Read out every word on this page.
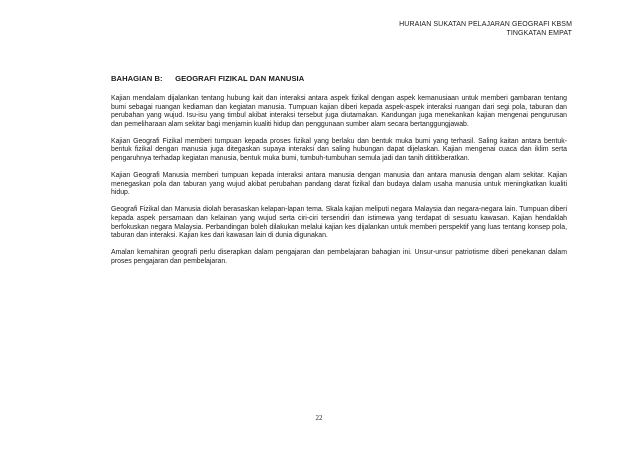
HURAIAN SUKATAN PELAJARAN GEOGRAFI KBSM
TINGKATAN EMPAT
BAHAGIAN B: GEOGRAFI FIZIKAL DAN MANUSIA

Kajian mendalam dijalankan tentang hubung kait dan interaksi antara aspek fizikal dengan aspek kemanusiaan untuk memberi gambaran tentang bumi sebagai ruangan kediaman dan kegiatan manusia. Tumpuan kajian diberi kepada aspek-aspek interaksi ruangan dari segi pola, taburan dan perubahan yang wujud. Isu-isu yang timbul akibat interaksi tersebut juga diutamakan. Kandungan juga menekankan kajian mengenai pengurusan dan pemeliharaan alam sekitar bagi menjamin kualiti hidup dan penggunaan sumber alam secara bertanggungjawab.

Kajian Geografi Fizikal memberi tumpuan kepada proses fizikal yang berlaku dan bentuk muka bumi yang terhasil. Saling kaitan antara bentuk-bentuk fizikal dengan manusia juga ditegaskan supaya interaksi dan saling hubungan dapat dijelaskan. Kajian mengenai cuaca dan iklim serta pengaruhnya terhadap kegiatan manusia, bentuk muka bumi, tumbuh-tumbuhan semula jadi dan tanih dititikberatkan.

Kajian Geografi Manusia memberi tumpuan kepada interaksi antara manusia dengan manusia dan antara manusia dengan alam sekitar. Kajian menegaskan pola dan taburan yang wujud akibat perubahan pandang darat fizikal dan budaya dalam usaha manusia untuk meningkatkan kualiti hidup.

Geografi Fizikal dan Manusia diolah berasaskan kelapan-lapan tema. Skala kajian meliputi negara Malaysia dan negara-negara lain. Tumpuan diberi kepada aspek persamaan dan kelainan yang wujud serta ciri-ciri tersendiri dan istimewa yang terdapat di sesuatu kawasan. Kajian hendaklah berfokuskan negara Malaysia. Perbandingan boleh dilakukan melalui kajian kes dijalankan untuk memberi perspektif yang luas tentang konsep pola, taburan dan interaksi. Kajian kes dari kawasan lain di dunia digunakan.

Amalan kemahiran geografi perlu diserapkan dalam pengajaran dan pembelajaran bahagian ini. Unsur-unsur patriotisme diberi penekanan dalam proses pengajaran dan pembelajaran.

22
